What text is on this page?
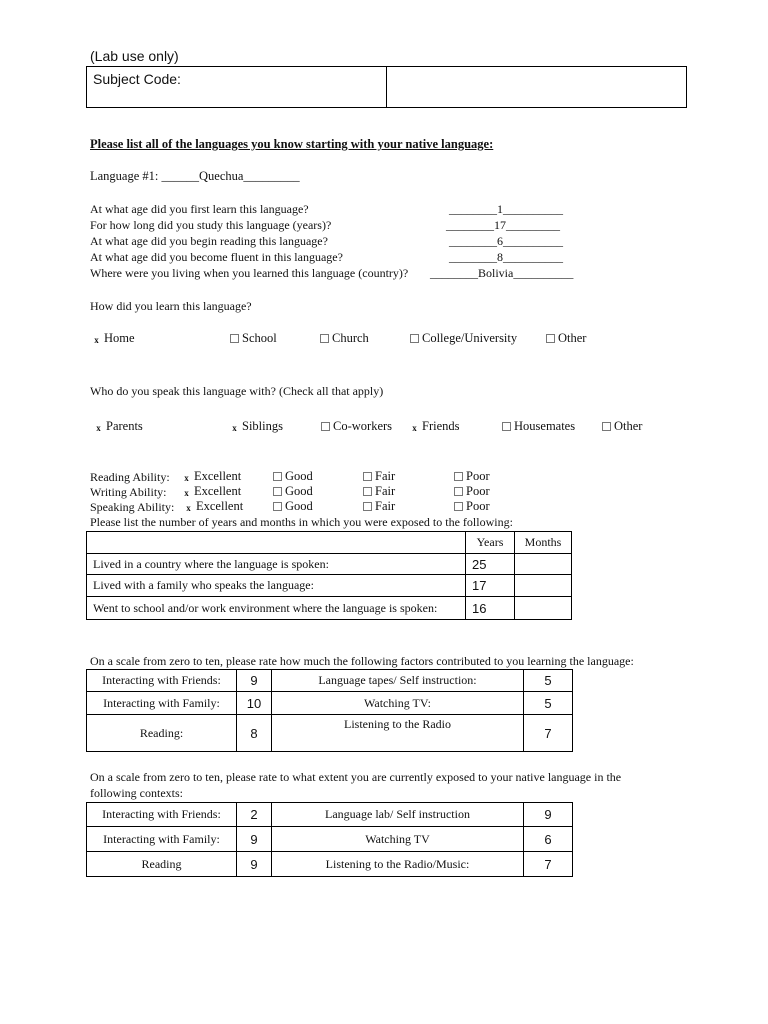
(Lab use only)
Subject Code:	
Please list all of the languages you know starting with your native language:
Language #1: ______Quechua_________
At what age did you first learn this language?	________1__________
For how long did you study this language (years)?	________17_________
At what age did you begin reading this language?	________6__________
At what age did you become fluent in this language?	________8__________
Where were you living when you learned this language (country)? ________Bolivia__________
How did you learn this language?
x Home	School	Church	College/University	Other
Who do you speak this language with? (Check all that apply)
x Parents	x Siblings	Co-workers x Friends	Housemates	Other
Reading Ability: x Excellent	Good	Fair	Poor
Writing Ability: x Excellent	Good	Fair	Poor
Speaking Ability: x Excellent	Good	Fair	Poor
Please list the number of years and months in which you were exposed to the following:
	Years	Months
Lived in a country where the language is spoken:	25	
Lived with a family who speaks the language:	17	
Went to school and/or work environment where the language is spoken:	16	
On a scale from zero to ten, please rate how much the following factors contributed to you learning the language:
Interacting with Friends:	9	Language tapes/ Self instruction:	5
Interacting with Family:	10	Watching TV:	5
Reading:	8	Listening to the Radio	7
On a scale from zero to ten, please rate to what extent you are currently exposed to your native language in the
following contexts:
Interacting with Friends:	2	Language lab/ Self instruction	9
Interacting with Family:	9	Watching TV	6
Reading	9	Listening to the Radio/Music:	7
